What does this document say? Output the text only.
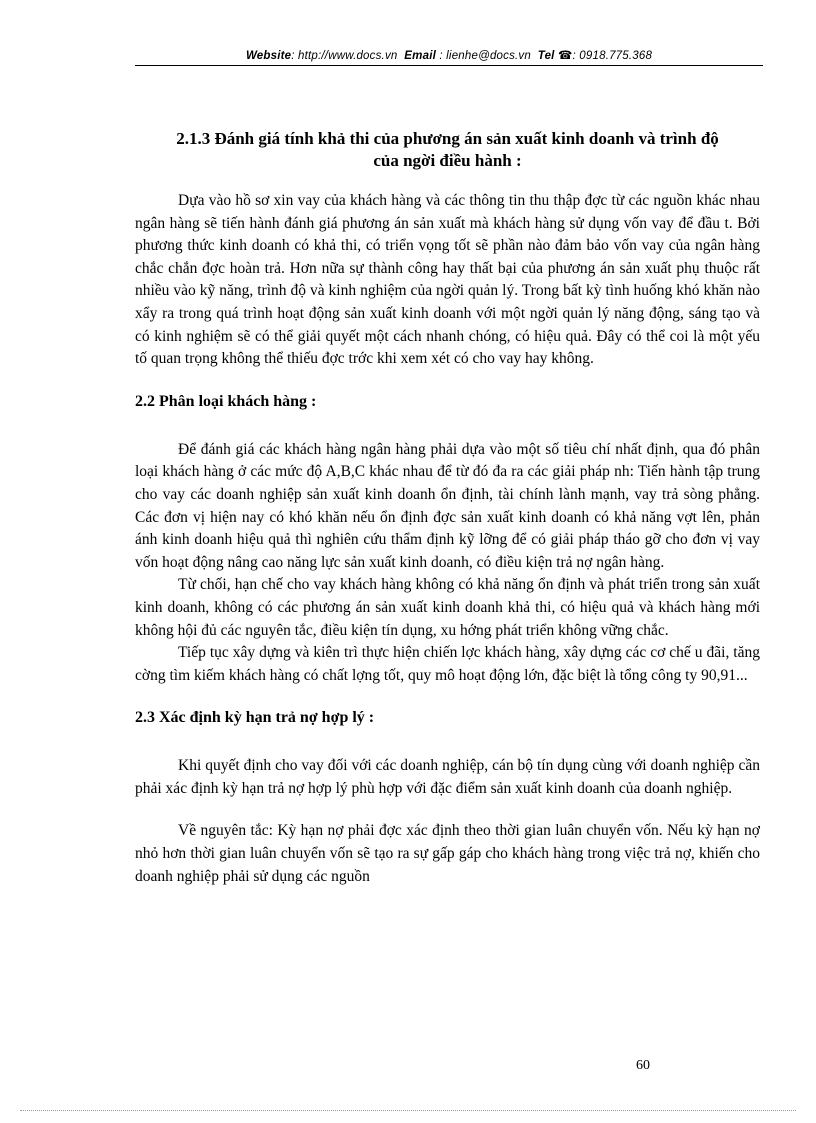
Website: http://www.docs.vn Email : lienhe@docs.vn Tel ☎: 0918.775.368
2.1.3 Đánh giá tính khả thi của phương án sản xuất kinh doanh và trình độ
của ngời điều hành :

Dựa vào hồ sơ xin vay của khách hàng và các thông tin thu thập đợc từ các nguồn khác nhau ngân hàng sẽ tiến hành đánh giá phương án sản xuất mà khách hàng sử dụng vốn vay để đầu t. Bởi phương thức kinh doanh có khả thi, có triển vọng tốt sẽ phần nào đảm bảo vốn vay của ngân hàng chắc chắn đợc hoàn trả. Hơn nữa sự thành công hay thất bại của phương án sản xuất phụ thuộc rất nhiều vào kỹ năng, trình độ và kinh nghiệm của ngời quản lý. Trong bất kỳ tình huống khó khăn nào xẩy ra trong quá trình hoạt động sản xuất kinh doanh với một ngời quản lý năng động, sáng tạo và có kinh nghiệm sẽ có thể giải quyết một cách nhanh chóng, có hiệu quả. Đây có thể coi là một yếu tố quan trọng không thể thiếu đợc trớc khi xem xét có cho vay hay không.

2.2 Phân loại khách hàng :

Để đánh giá các khách hàng ngân hàng phải dựa vào một số tiêu chí nhất định, qua đó phân loại khách hàng ở các mức độ A,B,C khác nhau để từ đó đa ra các giải pháp nh: Tiến hành tập trung cho vay các doanh nghiệp sản xuất kinh doanh ổn định, tài chính lành mạnh, vay trả sòng phẳng. Các đơn vị hiện nay có khó khăn nếu ổn định đợc sản xuất kinh doanh có khả năng vợt lên, phản ánh kinh doanh hiệu quả thì nghiên cứu thẩm định kỹ lỡng để có giải pháp tháo gỡ cho đơn vị vay vốn hoạt động nâng cao năng lực sản xuất kinh doanh, có điều kiện trả nợ ngân hàng.

Từ chối, hạn chế cho vay khách hàng không có khả năng ổn định và phát triển trong sản xuất kinh doanh, không có các phương án sản xuất kinh doanh khả thi, có hiệu quả và khách hàng mới không hội đủ các nguyên tắc, điều kiện tín dụng, xu hớng phát triển không vững chắc.

Tiếp tục xây dựng và kiên trì thực hiện chiến lợc khách hàng, xây dựng các cơ chế u đãi, tăng cờng tìm kiếm khách hàng có chất lợng tốt, quy mô hoạt động lớn, đặc biệt là tổng công ty 90,91...

2.3 Xác định kỳ hạn trả nợ hợp lý :

Khi quyết định cho vay đối với các doanh nghiệp, cán bộ tín dụng cùng với doanh nghiệp cần phải xác định kỳ hạn trả nợ hợp lý phù hợp với đặc điểm sản xuất kinh doanh của doanh nghiệp.

Về nguyên tắc: Kỳ hạn nợ phải đợc xác định theo thời gian luân chuyển vốn. Nếu kỳ hạn nợ nhỏ hơn thời gian luân chuyển vốn sẽ tạo ra sự gấp gáp cho khách hàng trong việc trả nợ, khiến cho doanh nghiệp phải sử dụng các nguồn

60
